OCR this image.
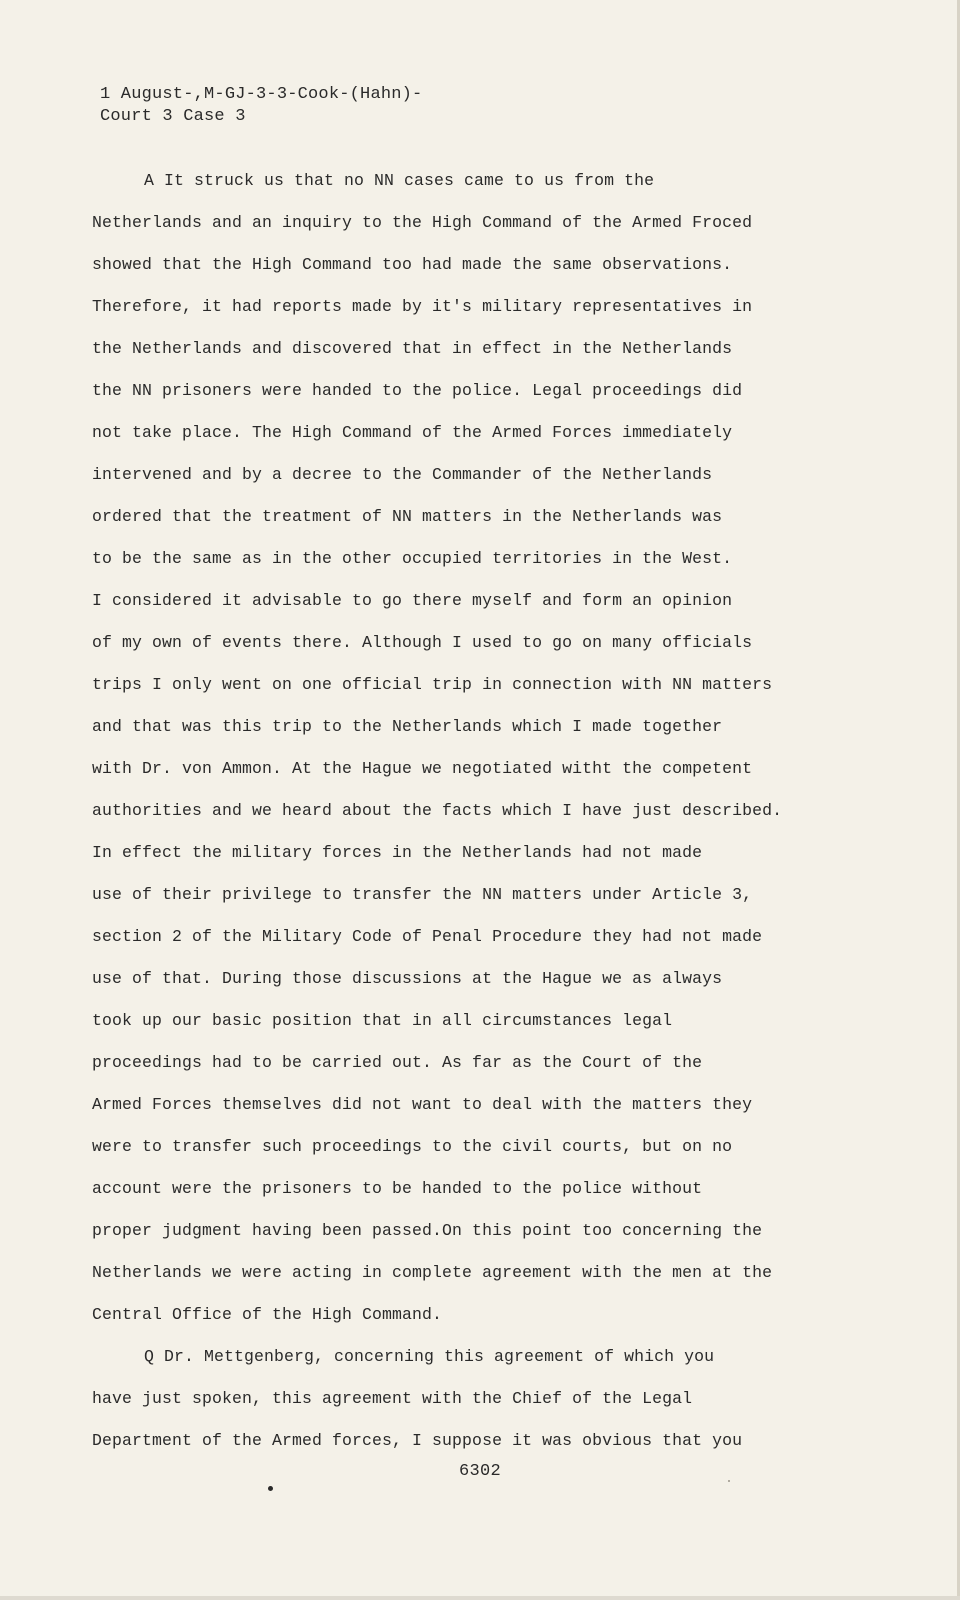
1 August-,M-GJ-3-3-Cook-(Hahn)-
Court 3 Case 3
A It struck us that no NN cases came to us from the
Netherlands and an inquiry to the High Command of the Armed Froced
showed that the High Command too had made the same observations.
Therefore, it had reports made by it's military representatives in
the Netherlands and discovered that in effect in the Netherlands
the NN prisoners were handed to the police. Legal proceedings did
not take place. The High Command of the Armed Forces immediately
intervened and by a decree to the Commander of the Netherlands
ordered that the treatment of NN matters in the Netherlands was
to be the same as in the other occupied territories in the West.
I considered it advisable to go there myself and form an opinion
of my own of events there. Although I used to go on many officials
trips I only went on one official trip in connection with NN matters
and that was this trip to the Netherlands which I made together
with Dr. von Ammon. At the Hague we negotiated witht the competent
authorities and we heard about the facts which I have just described.
In effect the military forces in the Netherlands had not made
use of their privilege to transfer the NN matters under Article 3,
section 2 of the Military Code of Penal Procedure they had not made
use of that. During those discussions at the Hague we as always
took up our basic position that in all circumstances legal
proceedings had to be carried out. As far as the Court of the
Armed Forces themselves did not want to deal with the matters they
were to transfer such proceedings to the civil courts, but on no
account were the prisoners to be handed to the police without
proper judgment having been passed.On this point too concerning the
Netherlands we were acting in complete agreement with the men at the
Central Office of the High Command.
Q Dr. Mettgenberg, concerning this agreement of which you
have just spoken, this agreement with the Chief of the Legal
Department of the Armed forces, I suppose it was obvious that you
6302
